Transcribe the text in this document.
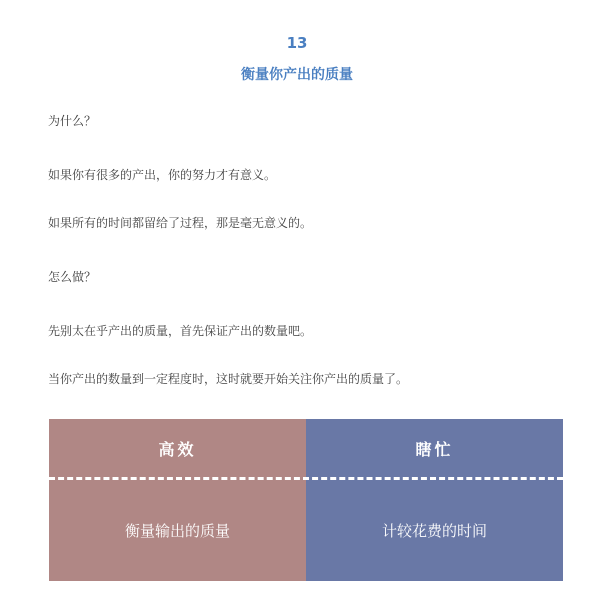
13
衡量你产出的质量
为什么？
如果你有很多的产出，你的努力才有意义。
如果所有的时间都留给了过程，那是毫无意义的。
怎么做？
先别太在乎产出的质量，首先保证产出的数量吧。
当你产出的数量到一定程度时，这时就要开始关注你产出的质量了。
高效
衡量输出的质量
瞎忙
计较花费的时间
